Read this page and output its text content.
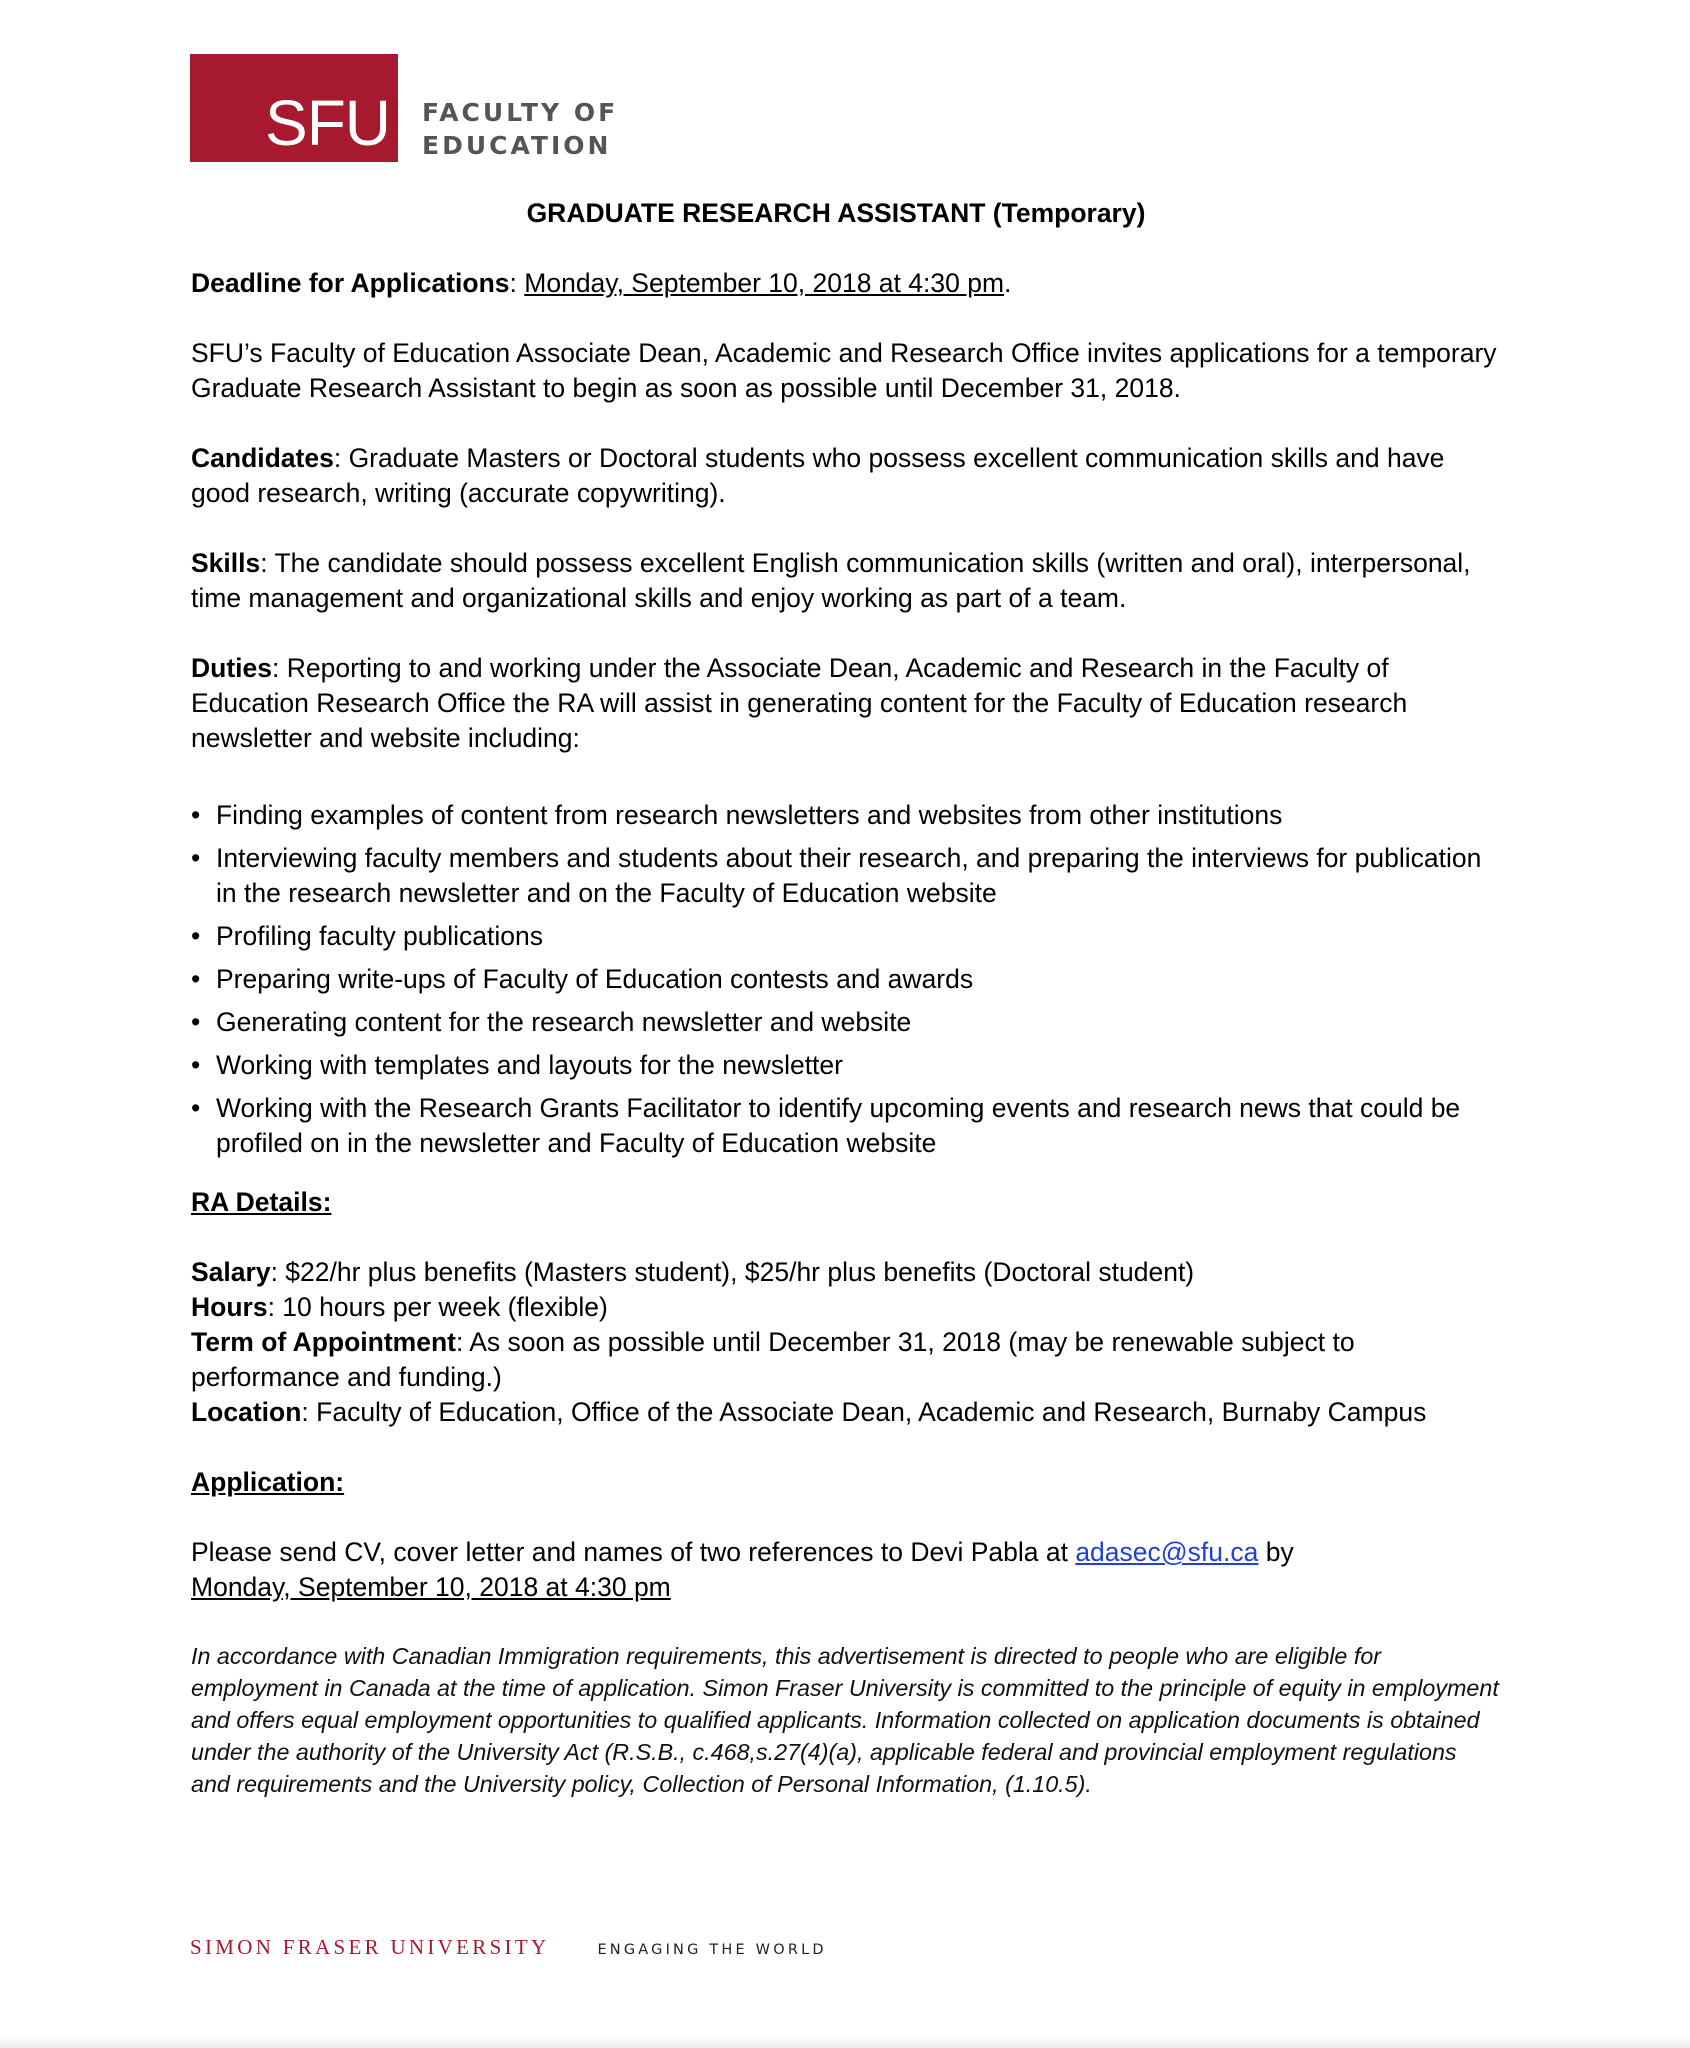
SFU FACULTY OF
EDUCATION
GRADUATE RESEARCH ASSISTANT (Temporary)

Deadline for Applications: Monday, September 10, 2018 at 4:30 pm.

SFU’s Faculty of Education Associate Dean, Academic and Research Office invites applications for a temporary Graduate Research Assistant to begin as soon as possible until December 31, 2018.

Candidates: Graduate Masters or Doctoral students who possess excellent communication skills and have good research, writing (accurate copywriting).

Skills: The candidate should possess excellent English communication skills (written and oral), interpersonal, time management and organizational skills and enjoy working as part of a team.

Duties: Reporting to and working under the Associate Dean, Academic and Research in the Faculty of Education Research Office the RA will assist in generating content for the Faculty of Education research newsletter and website including:

• Finding examples of content from research newsletters and websites from other institutions
• Interviewing faculty members and students about their research, and preparing the interviews for publication in the research newsletter and on the Faculty of Education website
• Profiling faculty publications
• Preparing write-ups of Faculty of Education contests and awards
• Generating content for the research newsletter and website
• Working with templates and layouts for the newsletter
• Working with the Research Grants Facilitator to identify upcoming events and research news that could be profiled on in the newsletter and Faculty of Education website
RA Details:

Salary: $22/hr plus benefits (Masters student), $25/hr plus benefits (Doctoral student)

Hours: 10 hours per week (flexible)

Term of Appointment: As soon as possible until December 31, 2018 (may be renewable subject to performance and funding.)

Location: Faculty of Education, Office of the Associate Dean, Academic and Research, Burnaby Campus

Application:

Please send CV, cover letter and names of two references to Devi Pabla at adasec@sfu.ca by
Monday, September 10, 2018 at 4:30 pm

In accordance with Canadian Immigration requirements, this advertisement is directed to people who are eligible for employment in Canada at the time of application. Simon Fraser University is committed to the principle of equity in employment and offers equal employment opportunities to qualified applicants. Information collected on application documents is obtained under the authority of the University Act (R.S.B., c.468,s.27(4)(a), applicable federal and provincial employment regulations and requirements and the University policy, Collection of Personal Information, (1.10.5).
SIMON FRASER UNIVERSITY	ENGAGING THE WORLD
